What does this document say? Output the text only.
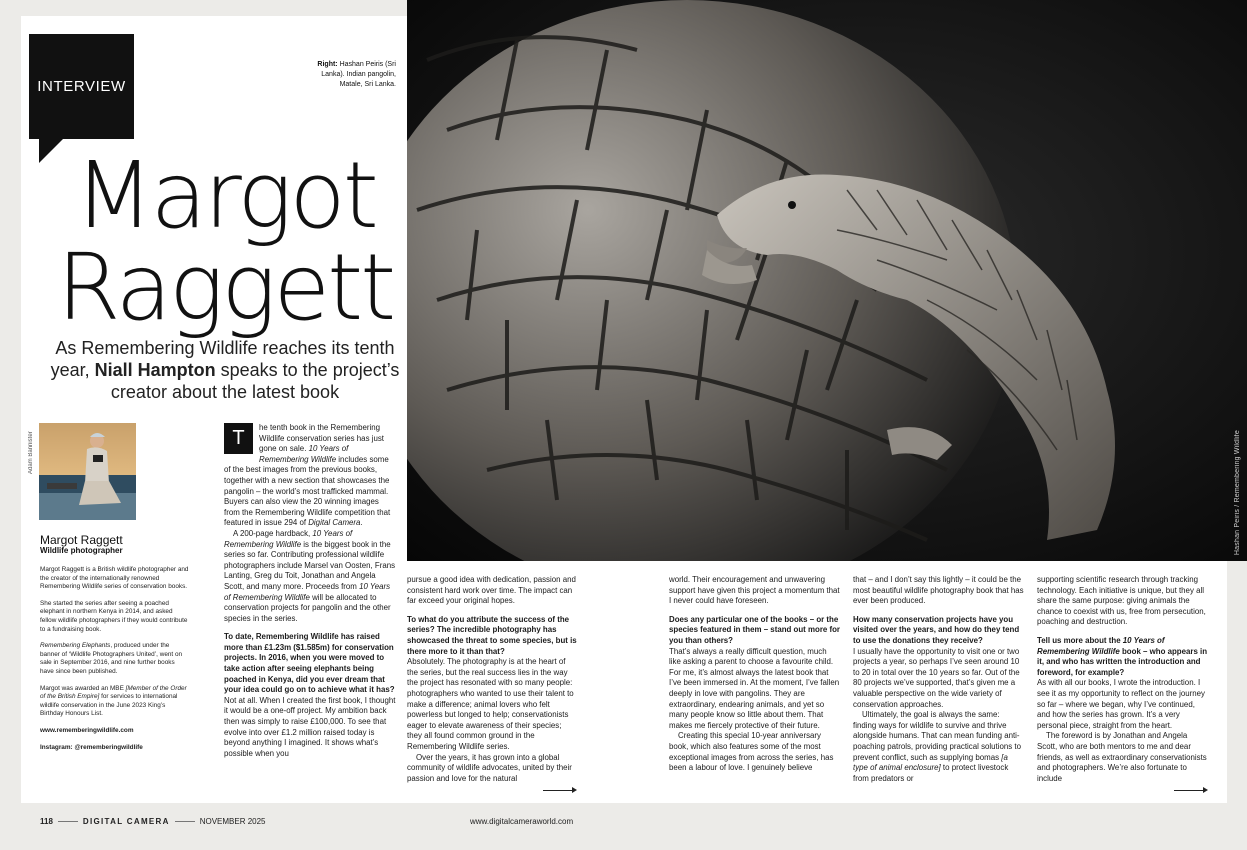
Hashan Peiris / Remembering Wildlife
INTERVIEW
Right: Hashan Peiris (Sri Lanka). Indian pangolin, Matale, Sri Lanka.
Margot
Raggett
As Remembering Wildlife reaches its tenth year, Niall Hampton speaks to the project’s creator about the latest book
Adam Bannister
Margot Raggett
Wildlife photographer

Margot Raggett is a British wildlife photographer and the creator of the internationally renowned Remembering Wildlife series of conservation books.

She started the series after seeing a poached elephant in northern Kenya in 2014, and asked fellow wildlife photographers if they would contribute to a fundraising book.

Remembering Elephants, produced under the banner of ‘Wildlife Photographers United’, went on sale in September 2016, and nine further books have since been published.

Margot was awarded an MBE [Member of the Order of the British Empire] for services to international wildlife conservation in the June 2023 King’s Birthday Honours List.

www.rememberingwildlife.com

Instagram: @rememberingwildlife

T	he tenth book in the Remembering Wildlife conservation series has just gone on sale. 10 Years of Remembering Wildlife includes some of the best images from the previous books, together with a new section that showcases the pangolin – the world’s most trafficked mammal. Buyers can also view the 20 winning images from the Remembering Wildlife competition that featured in issue 294 of Digital Camera.

A 200-page hardback, 10 Years of Remembering Wildlife is the biggest book in the series so far. Contributing professional wildlife photographers include Marsel van Oosten, Frans Lanting, Greg du Toit, Jonathan and Angela Scott, and many more. Proceeds from 10 Years of Remembering Wildlife will be allocated to conservation projects for pangolin and the other species in the series.

To date, Remembering Wildlife has raised more than £1.23m ($1.585m) for conservation projects. In 2016, when you were moved to take action after seeing elephants being poached in Kenya, did you ever dream that your idea could go on to achieve what it has?

Not at all. When I created the first book, I thought it would be a one-off project. My ambition back then was simply to raise £100,000. To see that evolve into over £1.2 million raised today is beyond anything I imagined. It shows what’s possible when you

pursue a good idea with dedication, passion and consistent hard work over time. The impact can far exceed your original hopes.

To what do you attribute the success of the series? The incredible photography has showcased the threat to some species, but is there more to it than that?

Absolutely. The photography is at the heart of the series, but the real success lies in the way the project has resonated with so many people: photographers who wanted to use their talent to make a difference; animal lovers who felt powerless but longed to help; conservationists eager to elevate awareness of their species; they all found common ground in the Remembering Wildlife series.

Over the years, it has grown into a global community of wildlife advocates, united by their passion and love for the natural

world. Their encouragement and unwavering support have given this project a momentum that I never could have foreseen.

Does any particular one of the books – or the species featured in them – stand out more for you than others?

That’s always a really difficult question, much like asking a parent to choose a favourite child. For me, it’s almost always the latest book that I’ve been immersed in. At the moment, I’ve fallen deeply in love with pangolins. They are extraordinary, endearing animals, and yet so many people know so little about them. That makes me fiercely protective of their future.

Creating this special 10-year anniversary book, which also features some of the most exceptional images from across the series, has been a labour of love. I genuinely believe

that – and I don’t say this lightly – it could be the most beautiful wildlife photography book that has ever been produced.

How many conservation projects have you visited over the years, and how do they tend to use the donations they receive?

I usually have the opportunity to visit one or two projects a year, so perhaps I’ve seen around 10 to 20 in total over the 10 years so far. Out of the 80 projects we’ve supported, that’s given me a valuable perspective on the wide variety of conservation approaches.

Ultimately, the goal is always the same: finding ways for wildlife to survive and thrive alongside humans. That can mean funding anti-poaching patrols, providing practical solutions to prevent conflict, such as supplying bomas [a type of animal enclosure] to protect livestock from predators or

supporting scientific research through tracking technology. Each initiative is unique, but they all share the same purpose: giving animals the chance to coexist with us, free from persecution, poaching and destruction.

Tell us more about the 10 Years of Remembering Wildlife book – who appears in it, and who has written the introduction and foreword, for example?

As with all our books, I wrote the introduction. I see it as my opportunity to reflect on the journey so far – where we began, why I’ve continued, and how the series has grown. It’s a very personal piece, straight from the heart.

The foreword is by Jonathan and Angela Scott, who are both mentors to me and dear friends, as well as extraordinary conservationists and photographers. We’re also fortunate to include

118	DIGITAL CAMERA	NOVEMBER 2025	www.digitalcameraworld.com
